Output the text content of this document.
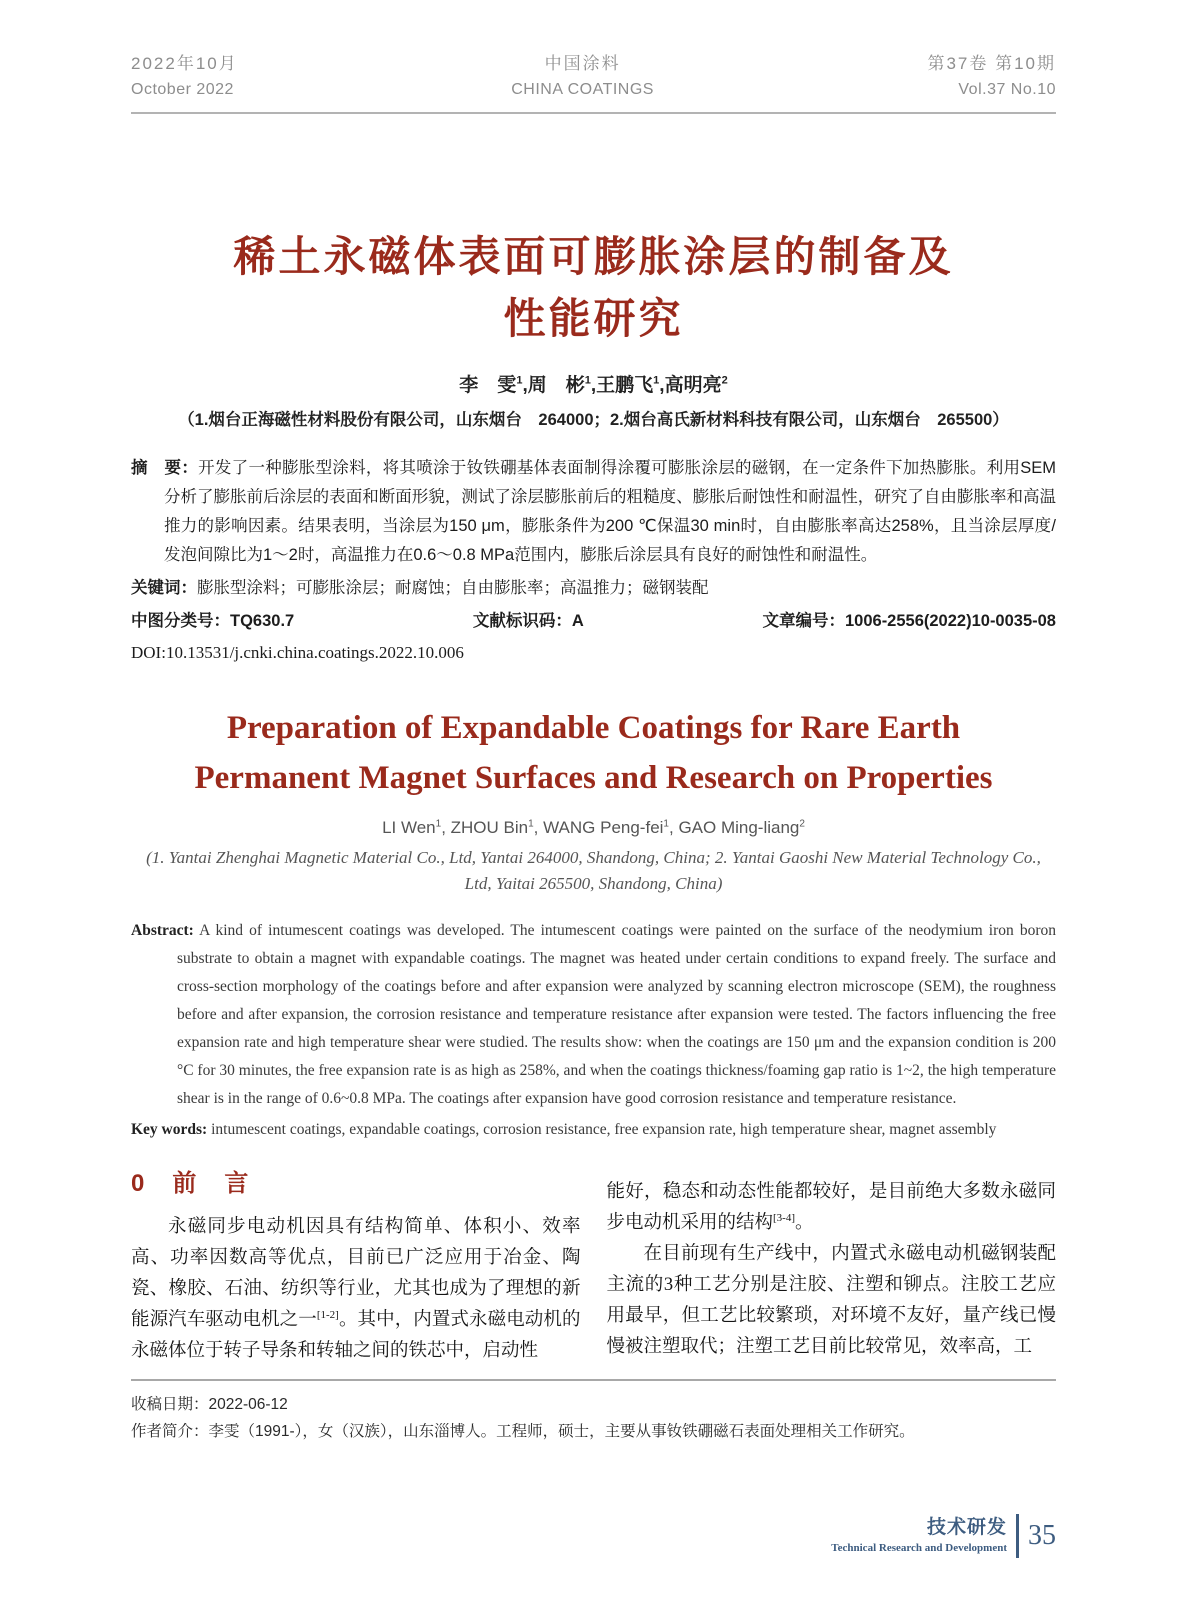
2022年10月
October 2022
中国涂料
CHINA COATINGS
第37卷 第10期
Vol.37 No.10
稀土永磁体表面可膨胀涂层的制备及
性能研究
李　雯$^1$,周　彬$^1$,王鹏飞$^1$,高明亮$^2$
（1.烟台正海磁性材料股份有限公司，山东烟台　264000；2.烟台高氏新材料科技有限公司，山东烟台　265500）
摘　要：开发了一种膨胀型涂料，将其喷涂于钕铁硼基体表面制得涂覆可膨胀涂层的磁钢，在一定条件下加热膨胀。利用SEM分析了膨胀前后涂层的表面和断面形貌，测试了涂层膨胀前后的粗糙度、膨胀后耐蚀性和耐温性，研究了自由膨胀率和高温推力的影响因素。结果表明，当涂层为150 μm，膨胀条件为200 ℃保温30 min时，自由膨胀率高达258%，且当涂层厚度/发泡间隙比为1～2时，高温推力在0.6～0.8 MPa范围内，膨胀后涂层具有良好的耐蚀性和耐温性。
关键词：膨胀型涂料；可膨胀涂层；耐腐蚀；自由膨胀率；高温推力；磁钢装配
中图分类号：TQ630.7	文献标识码：A	文章编号：1006-2556(2022)10-0035-08
DOI:10.13531/j.cnki.china.coatings.2022.10.006
Preparation of Expandable Coatings for Rare Earth
Permanent Magnet Surfaces and Research on Properties
LI Wen$^1$, ZHOU Bin$^1$, WANG Peng-fei$^1$, GAO Ming-liang$^2$
(1. Yantai Zhenghai Magnetic Material Co., Ltd, Yantai 264000, Shandong, China; 2. Yantai Gaoshi New Material Technology Co., Ltd, Yaitai 265500, Shandong, China)
Abstract: A kind of intumescent coatings was developed. The intumescent coatings were painted on the surface of the neodymium iron boron substrate to obtain a magnet with expandable coatings. The magnet was heated under certain conditions to expand freely. The surface and cross-section morphology of the coatings before and after expansion were analyzed by scanning electron microscope (SEM), the roughness before and after expansion, the corrosion resistance and temperature resistance after expansion were tested. The factors influencing the free expansion rate and high temperature shear were studied. The results show: when the coatings are 150 μm and the expansion condition is 200 °C for 30 minutes, the free expansion rate is as high as 258%, and when the coatings thickness/foaming gap ratio is 1~2, the high temperature shear is in the range of 0.6~0.8 MPa. The coatings after expansion have good corrosion resistance and temperature resistance.
Key words: intumescent coatings, expandable coatings, corrosion resistance, free expansion rate, high temperature shear, magnet assembly
0　前　言

永磁同步电动机因具有结构简单、体积小、效率高、功率因数高等优点，目前已广泛应用于冶金、陶瓷、橡胶、石油、纺织等行业，尤其也成为了理想的新能源汽车驱动电机之一[1-2]。其中，内置式永磁电动机的永磁体位于转子导条和转轴之间的铁芯中，启动性

能好，稳态和动态性能都较好，是目前绝大多数永磁同步电动机采用的结构[3-4]。

在目前现有生产线中，内置式永磁电动机磁钢装配主流的3种工艺分别是注胶、注塑和铆点。注胶工艺应用最早，但工艺比较繁琐，对环境不友好，量产线已慢慢被注塑取代；注塑工艺目前比较常见，效率高，工

收稿日期：2022-06-12
作者简介：李雯（1991-），女（汉族），山东淄博人。工程师，硕士，主要从事钕铁硼磁石表面处理相关工作研究。
技术研发
Technical Research and Development 35
